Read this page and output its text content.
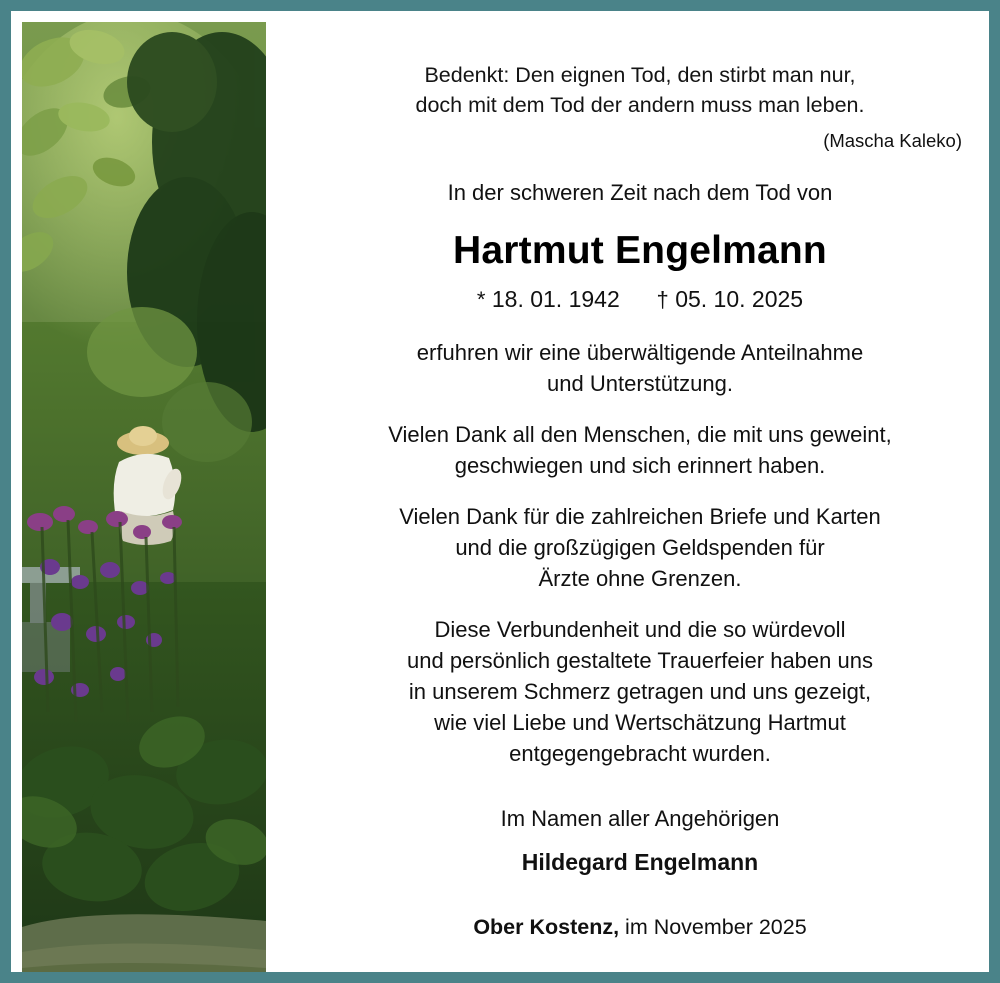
Bedenkt: Den eignen Tod, den stirbt man nur,
doch mit dem Tod der andern muss man leben.
(Mascha Kaleko)
In der schweren Zeit nach dem Tod von
Hartmut Engelmann
* 18. 01. 1942 † 05. 10. 2025
erfuhren wir eine überwältigende Anteilnahme
und Unterstützung.
Vielen Dank all den Menschen, die mit uns geweint,
geschwiegen und sich erinnert haben.
Vielen Dank für die zahlreichen Briefe und Karten
und die großzügigen Geldspenden für
Ärzte ohne Grenzen.
Diese Verbundenheit und die so würdevoll
und persönlich gestaltete Trauerfeier haben uns
in unserem Schmerz getragen und uns gezeigt,
wie viel Liebe und Wertschätzung Hartmut
entgegengebracht wurden.
Im Namen aller Angehörigen
Hildegard Engelmann
Ober Kostenz, im November 2025
